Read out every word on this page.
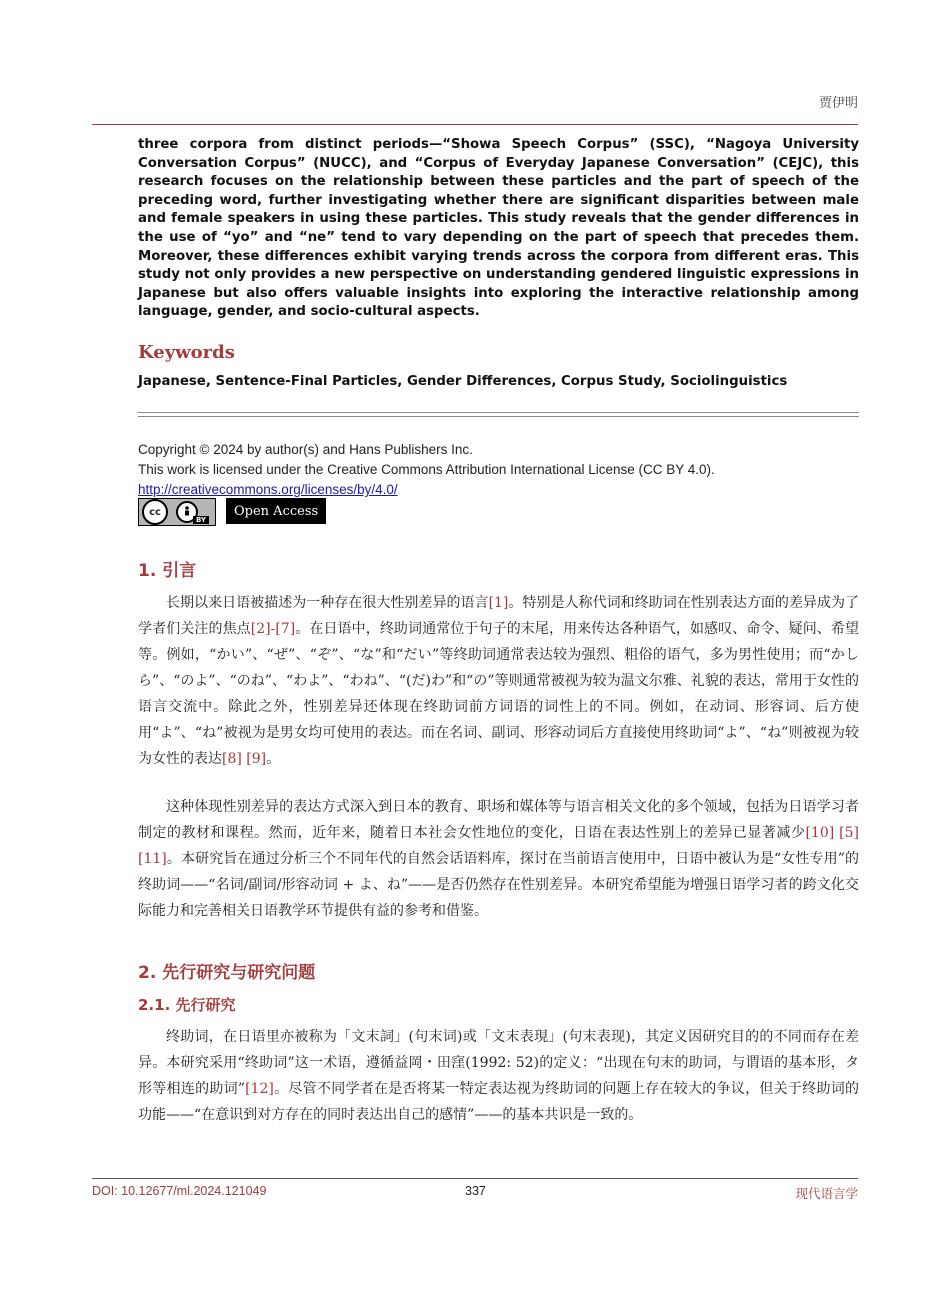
贾伊明
three corpora from distinct periods—“Showa Speech Corpus” (SSC), “Nagoya University Conversation Corpus” (NUCC), and “Corpus of Everyday Japanese Conversation” (CEJC), this research focuses on the relationship between these particles and the part of speech of the preceding word, further investigating whether there are significant disparities between male and female speakers in using these particles. This study reveals that the gender differences in the use of “yo” and “ne” tend to vary depending on the part of speech that precedes them. Moreover, these differences exhibit varying trends across the corpora from different eras. This study not only provides a new perspective on understanding gendered linguistic expressions in Japanese but also offers valuable insights into exploring the interactive relationship among language, gender, and socio-cultural aspects.
Keywords
Japanese, Sentence-Final Particles, Gender Differences, Corpus Study, Sociolinguistics
Copyright © 2024 by author(s) and Hans Publishers Inc.
This work is licensed under the Creative Commons Attribution International License (CC BY 4.0).
http://creativecommons.org/licenses/by/4.0/
cc
BY
Open Access
1. 引言
长期以来日语被描述为一种存在很大性别差异的语言[1]。特别是人称代词和终助词在性别表达方面的差异成为了学者们关注的焦点[2]-[7]。在日语中，终助词通常位于句子的末尾，用来传达各种语气，如感叹、命令、疑问、希望等。例如，“かい”、“ぜ”、“ぞ”、“な”和“だい”等终助词通常表达较为强烈、粗俗的语气，多为男性使用；而“かしら”、“のよ”、“のね”、“わよ”、“わね”、“(だ)わ”和“の”等则通常被视为较为温文尔雅、礼貌的表达，常用于女性的语言交流中。除此之外，性别差异还体现在终助词前方词语的词性上的不同。例如，在动词、形容词、后方使用“よ”、“ね”被视为是男女均可使用的表达。而在名词、副词、形容动词后方直接使用终助词“よ”、“ね”则被视为较为女性的表达[8] [9]。
这种体现性别差异的表达方式深入到日本的教育、职场和媒体等与语言相关文化的多个领域，包括为日语学习者制定的教材和课程。然而，近年来，随着日本社会女性地位的变化，日语在表达性别上的差异已显著减少[10] [5] [11]。本研究旨在通过分析三个不同年代的自然会话语料库，探讨在当前语言使用中，日语中被认为是“女性专用”的终助词——“名词/副词/形容动词 + よ、ね”——是否仍然存在性别差异。本研究希望能为增强日语学习者的跨文化交际能力和完善相关日语教学环节提供有益的参考和借鉴。
2. 先行研究与研究问题
2.1. 先行研究
终助词，在日语里亦被称为「文末詞」(句末词)或「文末表現」(句末表现)，其定义因研究目的的不同而存在差异。本研究采用“终助词”这一术语，遵循益岡・田窪(1992: 52)的定义：“出现在句末的助词，与谓语的基本形，タ形等相连的助词”[12]。尽管不同学者在是否将某一特定表达视为终助词的问题上存在较大的争议，但关于终助词的功能——“在意识到对方存在的同时表达出自己的感情”——的基本共识是一致的。
DOI: 10.12677/ml.2024.121049	337	现代语言学
